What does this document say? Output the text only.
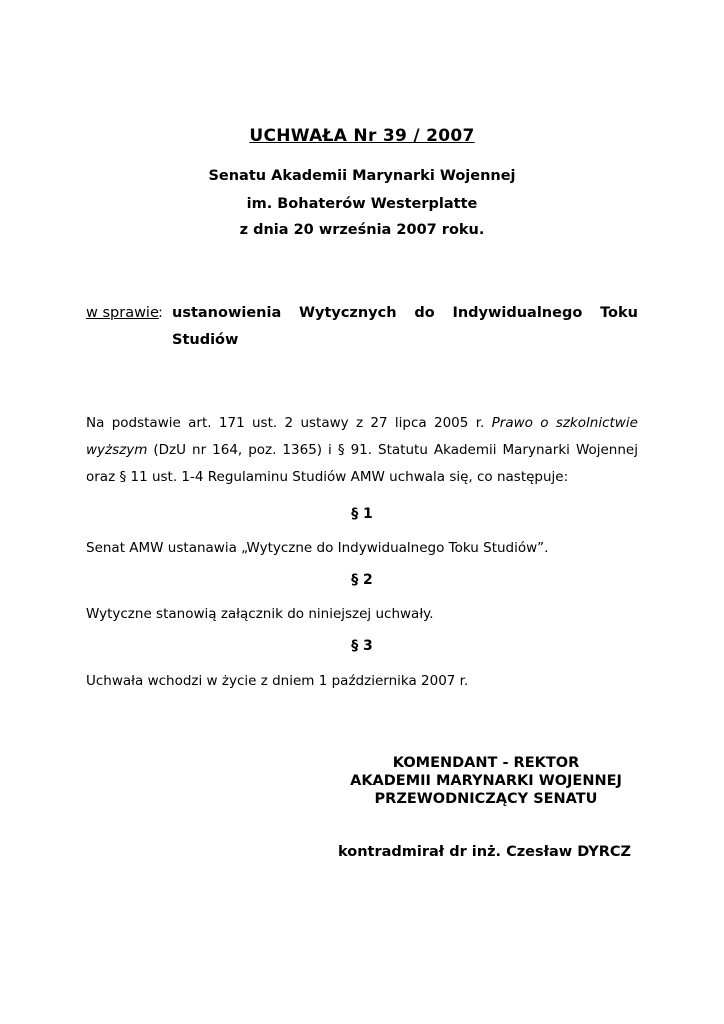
UCHWAŁA Nr 39 / 2007
Senatu Akademii Marynarki Wojennej
im. Bohaterów Westerplatte
z dnia 20 września 2007 roku.
w sprawie : ustanowienia Wytycznych do Indywidualnego Toku
Studiów
Na podstawie art. 171 ust. 2 ustawy z 27 lipca 2005 r. Prawo o szkolnictwie
wyższym (DzU nr 164, poz. 1365) i § 91. Statutu Akademii Marynarki Wojennej
oraz § 11 ust. 1-4 Regulaminu Studiów AMW uchwala się, co następuje:
§ 1
Senat AMW ustanawia „Wytyczne do Indywidualnego Toku Studiów”.
§ 2
Wytyczne stanowią załącznik do niniejszej uchwały.
§ 3
Uchwała wchodzi w życie z dniem 1 października 2007 r.
KOMENDANT - REKTOR
AKADEMII MARYNARKI WOJENNEJ
PRZEWODNICZĄCY SENATU
kontradmirał dr inż. Czesław DYRCZ
